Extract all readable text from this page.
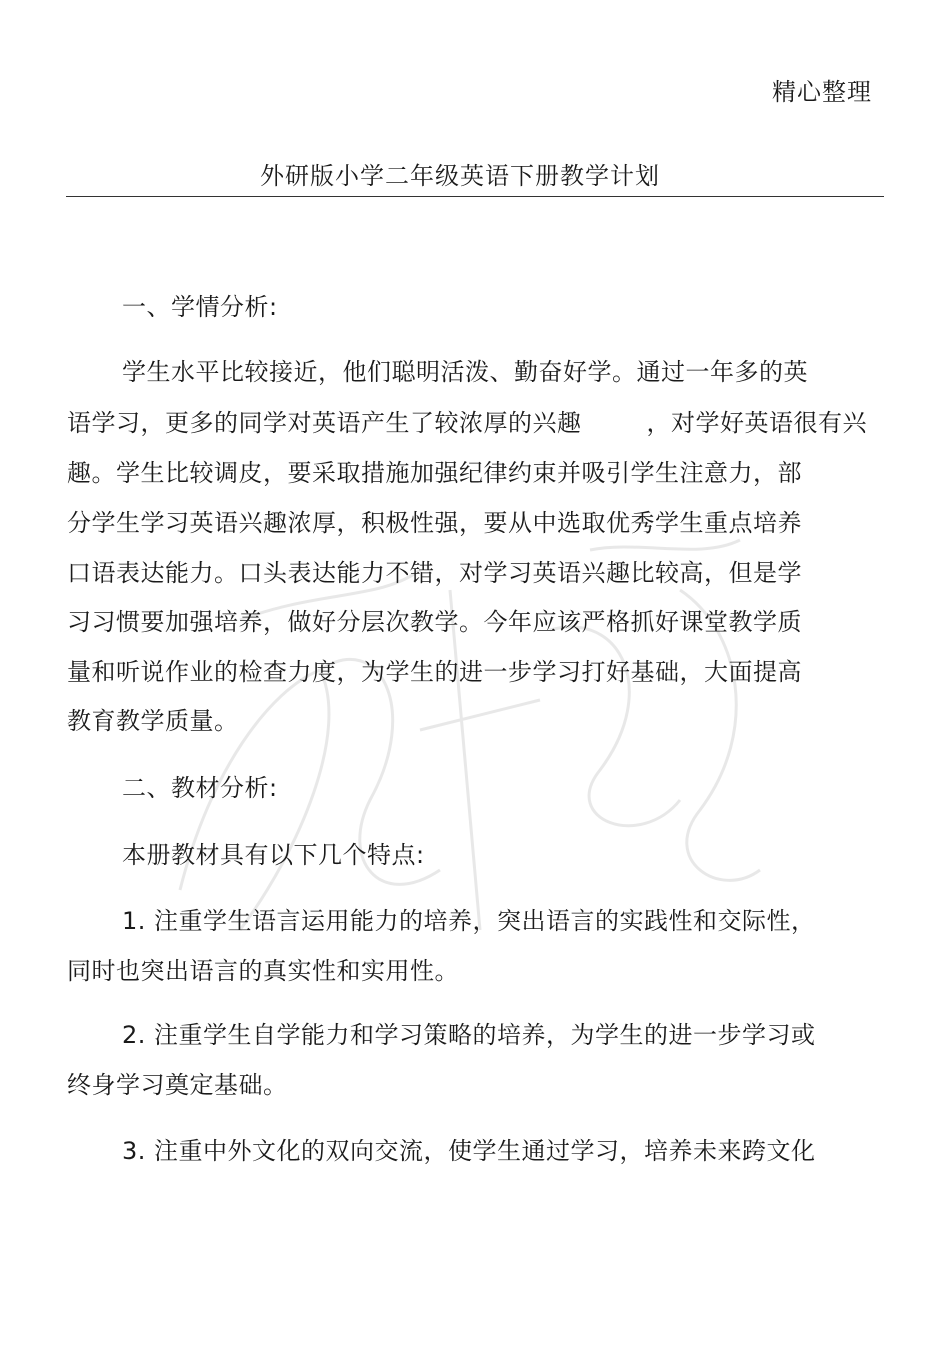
精心整理
外研版小学二年级英语下册教学计划
一、学情分析:
学生水平比较接近，他们聪明活泼、勤奋好学。通过一年多的英
语学习，更多的同学对英语产生了较浓厚的兴趣        ，对学好英语很有兴
趣。学生比较调皮，要采取措施加强纪律约束并吸引学生注意力，部
分学生学习英语兴趣浓厚，积极性强，要从中选取优秀学生重点培养
口语表达能力。口头表达能力不错，对学习英语兴趣比较高，但是学
习习惯要加强培养，做好分层次教学。今年应该严格抓好课堂教学质
量和听说作业的检查力度，为学生的进一步学习打好基础，大面提高
教育教学质量。
二、教材分析:
本册教材具有以下几个特点:
1. 注重学生语言运用能力的培养，突出语言的实践性和交际性，
同时也突出语言的真实性和实用性。
2. 注重学生自学能力和学习策略的培养，为学生的进一步学习或
终身学习奠定基础。
3. 注重中外文化的双向交流，使学生通过学习，培养未来跨文化
